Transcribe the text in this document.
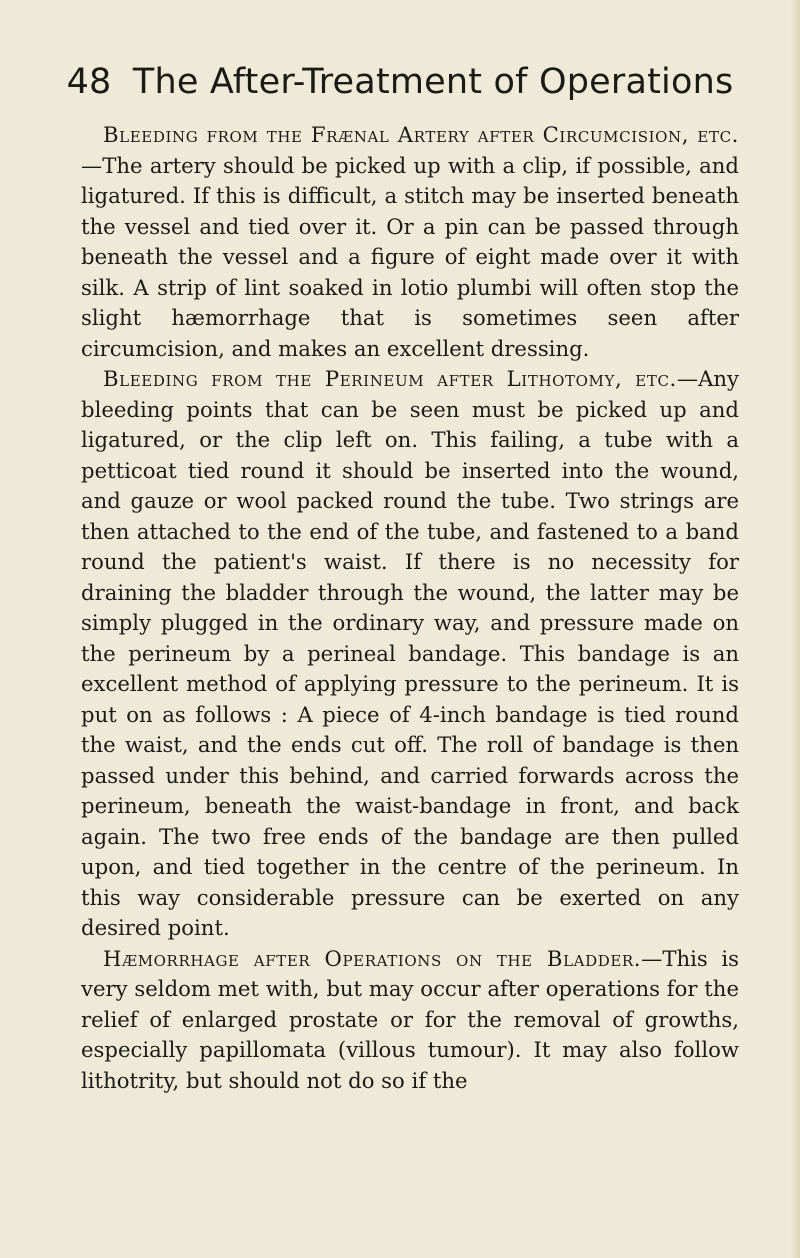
48 The After-Treatment of Operations

Bleeding from the Frænal Artery after Circumcision, etc.—The artery should be picked up with a clip, if possible, and ligatured. If this is difficult, a stitch may be inserted beneath the vessel and tied over it. Or a pin can be passed through beneath the vessel and a figure of eight made over it with silk. A strip of lint soaked in lotio plumbi will often stop the slight hæmorrhage that is sometimes seen after circumcision, and makes an excellent dressing.

Bleeding from the Perineum after Lithotomy, etc.—Any bleeding points that can be seen must be picked up and ligatured, or the clip left on. This failing, a tube with a petticoat tied round it should be inserted into the wound, and gauze or wool packed round the tube. Two strings are then attached to the end of the tube, and fastened to a band round the patient's waist. If there is no necessity for draining the bladder through the wound, the latter may be simply plugged in the ordinary way, and pressure made on the perineum by a perineal bandage. This bandage is an excellent method of applying pressure to the perineum. It is put on as follows : A piece of 4-inch bandage is tied round the waist, and the ends cut off. The roll of bandage is then passed under this behind, and carried forwards across the perineum, beneath the waist-bandage in front, and back again. The two free ends of the bandage are then pulled upon, and tied together in the centre of the perineum. In this way considerable pressure can be exerted on any desired point.

Hæmorrhage after Operations on the Bladder.—This is very seldom met with, but may occur after operations for the relief of enlarged prostate or for the removal of growths, especially papillomata (villous tumour). It may also follow lithotrity, but should not do so if the
